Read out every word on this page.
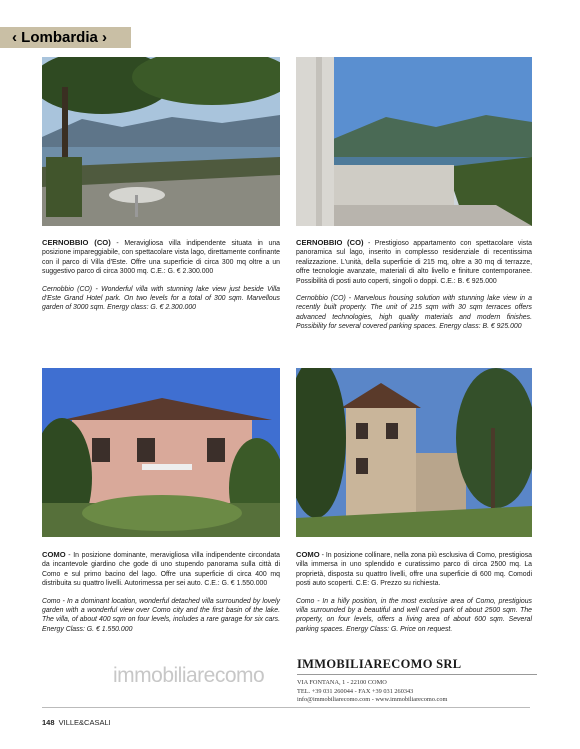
‹ Lombardia ›

CERNOBBIO (CO) - Meravigliosa villa indipendente situata in una posizione impareggiabile, con spettacolare vista lago, direttamente confinante con il parco di Villa d'Este. Offre una superficie di circa 300 mq oltre a un suggestivo parco di circa 3000 mq. C.E.: G. € 2.300.000

Cernobbio (CO) - Wonderful villa with stunning lake view just beside Villa d'Este Grand Hotel park. On two levels for a total of 300 sqm. Marvellous garden of 3000 sqm. Energy class: G. € 2.300.000

CERNOBBIO (CO) - Prestigioso appartamento con spettacolare vista panoramica sul lago, inserito in complesso residenziale di recentissima realizzazione. L'unità, della superficie di 215 mq, oltre a 30 mq di terrazze, offre tecnologie avanzate, materiali di alto livello e finiture contemporanee. Possibilità di posti auto coperti, singoli o doppi. C.E.: B. € 925.000

Cernobbio (CO) - Marvelous housing solution with stunning lake view in a recently built property. The unit of 215 sqm with 30 sqm terraces offers advanced technologies, high quality materials and modern finishes. Possibility for several covered parking spaces. Energy class: B. € 925.000

COMO - In posizione dominante, meravigliosa villa indipendente circondata da incantevole giardino che gode di uno stupendo panorama sulla città di Como e sul primo bacino del lago. Offre una superficie di circa 400 mq distribuita su quattro livelli. Autorimessa per sei auto. C.E.: G. € 1.550.000

Como - In a dominant location, wonderful detached villa surrounded by lovely garden with a wonderful view over Como city and the first basin of the lake. The villa, of about 400 sqm on four levels, includes a rare garage for six cars. Energy Class: G. € 1.550.000

COMO - In posizione collinare, nella zona più esclusiva di Como, prestigiosa villa immersa in uno splendido e curatissimo parco di circa 2500 mq. La proprietà, disposta su quattro livelli, offre una superficie di 600 mq. Comodi posti auto scoperti. C.E: G. Prezzo su richiesta.

Como - In a hilly position, in the most exclusive area of Como, prestigious villa surrounded by a beautiful and well cared park of about 2500 sqm. The property, on four levels, offers a living area of about 600 sqm. Several parking spaces. Energy Class: G. Price on request.

immobiliarecomo	IMMOBILIARECOMO SRL

VIA FONTANA, 1 - 22100 COMO

TEL. +39 031 260044 - FAX +39 031 260343

info@immobiliarecomo.com - www.immobiliarecomo.com

148 VILLE&CASALI
